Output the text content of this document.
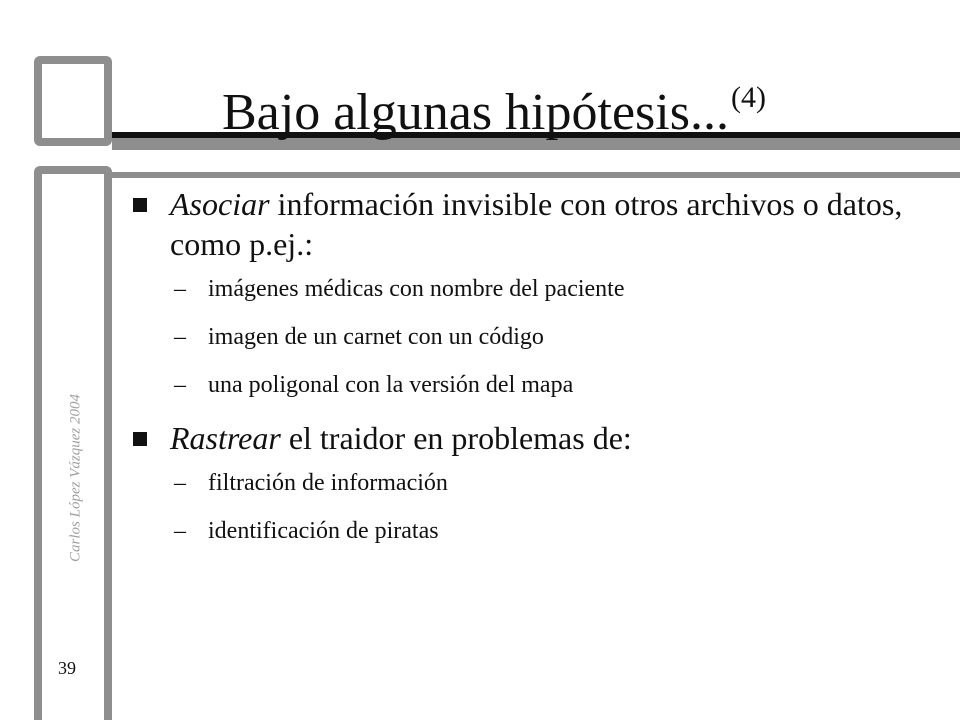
Bajo algunas hipótesis...$^{(4)}$
Carlos López Vázquez 2004
39
Asociar información invisible con otros archivos o datos, como p.ej.:
– imágenes médicas con nombre del paciente
– imagen de un carnet con un código
– una poligonal con la versión del mapa
Rastrear el traidor en problemas de:
– filtración de información
– identificación de piratas
